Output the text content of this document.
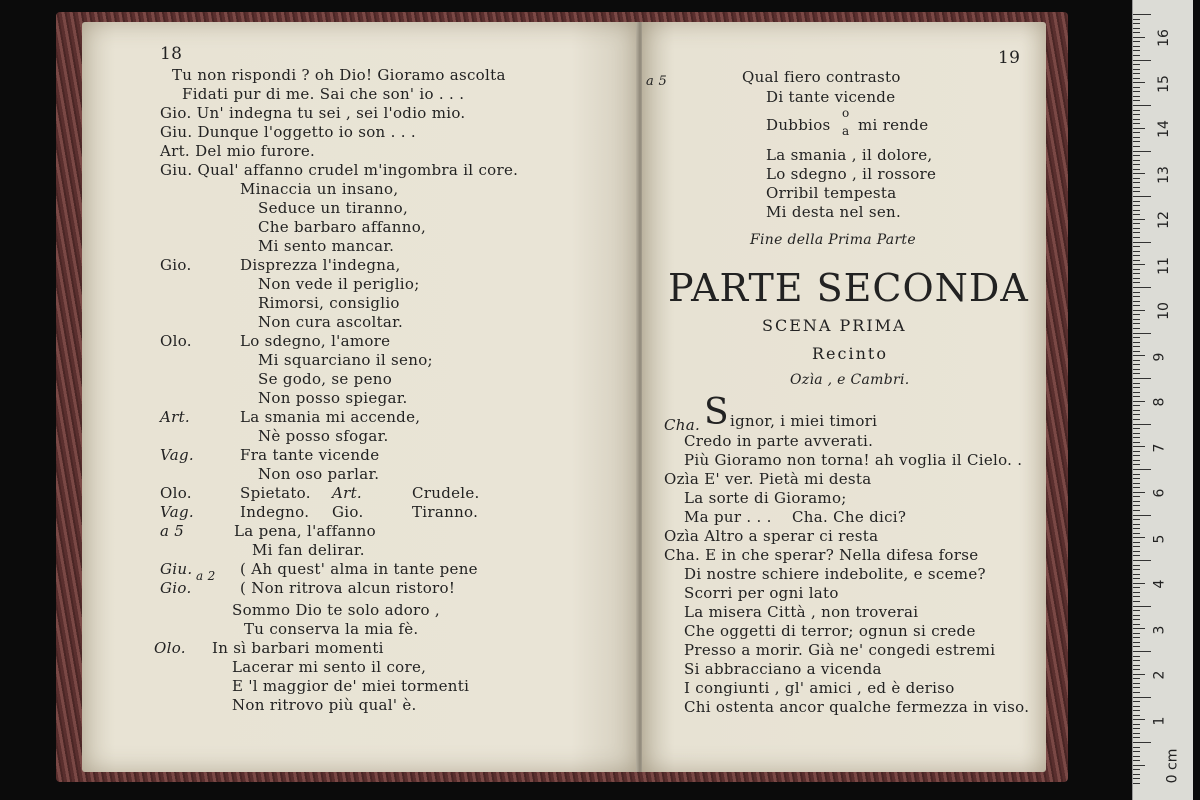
18
Tu non rispondi ? oh Dio! Gioramo ascolta
Fidati pur di me. Sai che son' io . . .
Gio. Un' indegna tu sei , sei l'odio mio.
Giu. Dunque l'oggetto io son . . .
Art. Del mio furore.
Giu. Qual' affanno crudel m'ingombra il core.
Minaccia un insano,
Seduce un tiranno,
Che barbaro affanno,
Mi sento mancar.
Gio.	Disprezza l'indegna,
Non vede il periglio;
Rimorsi, consiglio
Non cura ascoltar.
Olo.	Lo sdegno, l'amore
Mi squarciano il seno;
Se godo, se peno
Non posso spiegar.
Art.	La smania mi accende,
Nè posso sfogar.
Vag.	Fra tante vicende
Non oso parlar.
Olo.	Spietato. Art.	Crudele.
Vag.	Indegno. Gio.	Tiranno.
a 5	La pena, l'affanno
Mi fan delirar.
Giu.
Gio.
a 2 ( Ah quest' alma in tante pene
( Non ritrova alcun ristoro!
Sommo Dio te solo adoro ,
Tu conserva la mia fè.
Olo. In sì barbari momenti
Lacerar mi sento il core,
E 'l maggior de' miei tormenti
Non ritrovo più qual' è.
19
a 5	Qual fiero contrasto
Di tante vicende
Dubbios
o
a mi rende
La smania , il dolore,
Lo sdegno , il rossore
Orribil tempesta
Mi desta nel sen.
Fine della Prima Parte
PARTE SECONDA
SCENA PRIMA
Recinto
Ozìa , e Cambri.
Cha. S ignor, i miei timori
Credo in parte avverati.
Più Gioramo non torna! ah voglia il Cielo. .
Ozìa E' ver. Pietà mi desta
La sorte di Gioramo;
Ma pur . . . Cha. Che dici?
Ozìa Altro a sperar ci resta
Cha. E in che sperar? Nella difesa forse
Di nostre schiere indebolite, e sceme?
Scorri per ogni lato
La misera Città , non troverai
Che oggetti di terror; ognun si crede
Presso a morir. Già ne' congedi estremi
Si abbracciano a vicenda
I congiunti , gl' amici , ed è deriso
Chi ostenta ancor qualche fermezza in viso.
16
15
14
13
12
11
10
9
8
7
6
5
4
3
2
1
0 cm
